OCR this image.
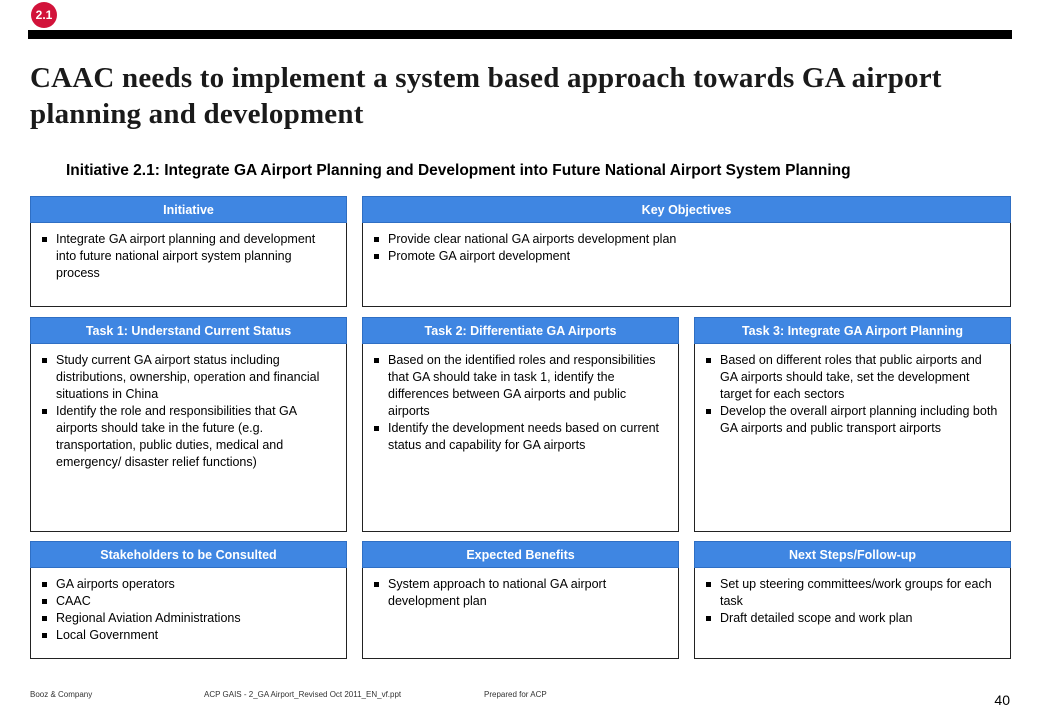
2.1
CAAC needs to implement a system based approach towards GA airport planning and development
Initiative 2.1: Integrate GA Airport Planning and Development into Future National Airport System Planning
Initiative
Integrate GA airport planning and development into future national airport system planning process
Key Objectives
Provide clear national GA airports development plan
Promote GA airport development
Task 1: Understand Current Status
Study current GA airport status including distributions, ownership, operation and financial situations in China
Identify the role and responsibilities that GA airports should take in the future (e.g. transportation, public duties, medical and emergency/ disaster relief functions)
Task 2: Differentiate GA Airports
Based on the identified roles and responsibilities that GA should take in task 1, identify the differences between GA airports and public airports
Identify the development needs based on current status and capability for GA airports
Task 3: Integrate GA Airport Planning
Based on different roles that public airports and GA airports should take, set the development target for each sectors
Develop the overall airport planning including both GA airports and public transport airports
Stakeholders to be Consulted
GA airports operators
CAAC
Regional Aviation Administrations
Local Government
Expected Benefits
System approach to national GA airport development plan
Next Steps/Follow-up
Set up steering committees/work groups for each task
Draft detailed scope and work plan
Booz & Company	ACP GAIS - 2_GA Airport_Revised Oct 2011_EN_vf.ppt	Prepared for ACP	40
